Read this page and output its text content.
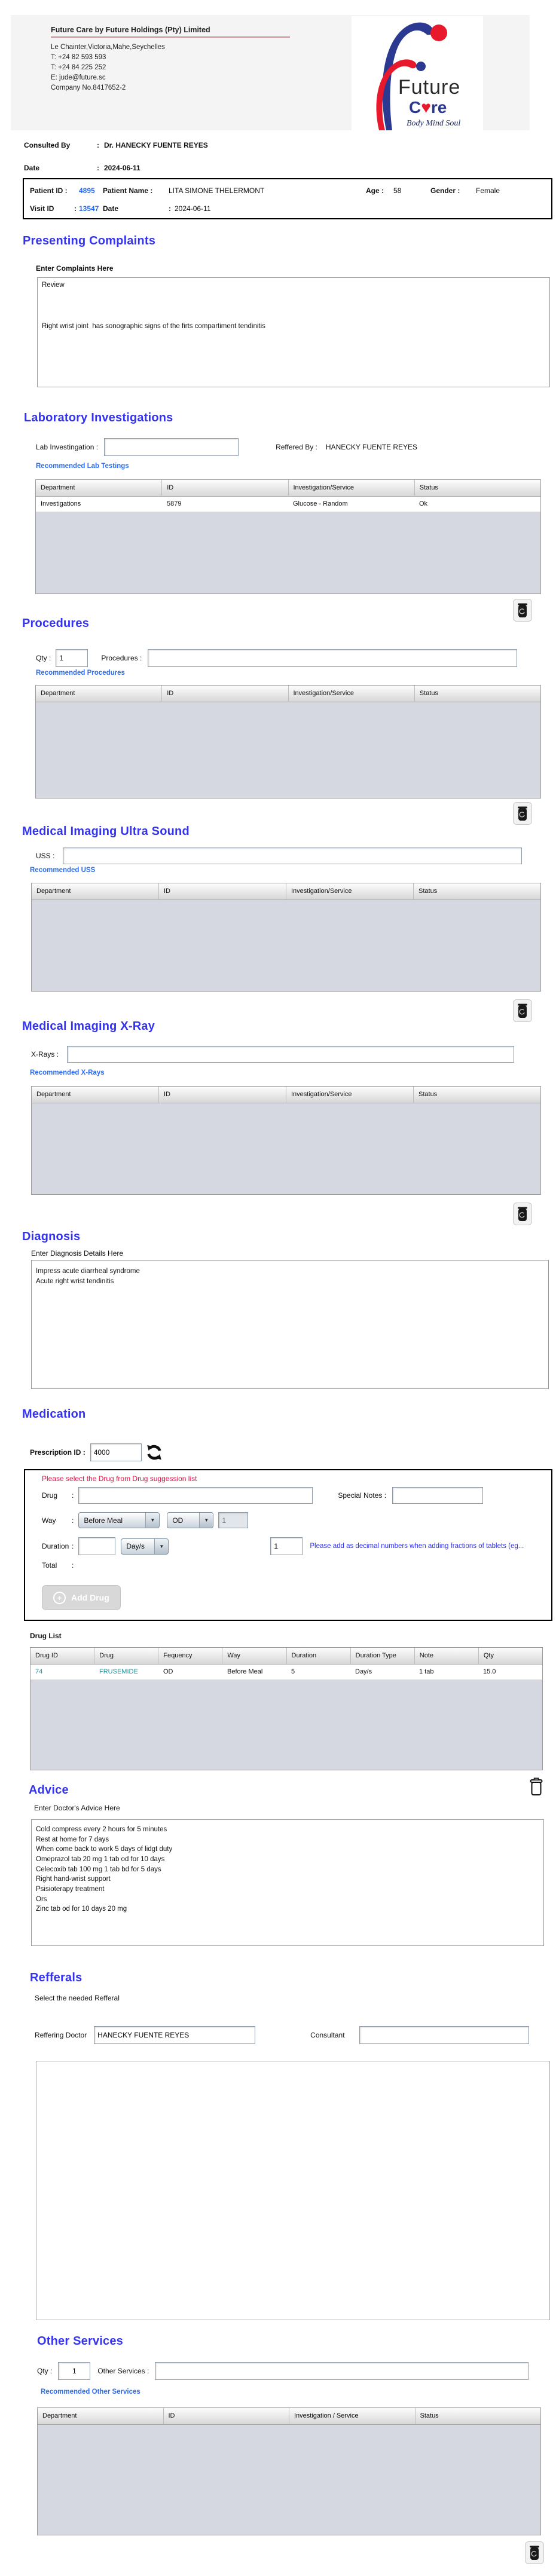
Future Care by Future Holdings (Pty) Limited
Le Chainter,Victoria,Mahe,Seychelles
T: +24 82 593 593
T: +24 84 225 252
E: jude@future.sc
Company No.8417652-2	Future
C♥re
Body Mind Soul
Consulted By	: Dr. HANECKY FUENTE REYES
Date	: 2024-06-11
Patient ID : 4895 Patient Name : LITA SIMONE THELERMONT	Age : 58	Gender : Female
Visit ID	: 13547 Date	: 2024-06-11
Presenting Complaints
Enter Complaints Here
Review Right wrist joint has sonographic signs of the firts compartiment tendinitis
Laboratory Investigations
Lab Investingation :	Reffered By : HANECKY FUENTE REYES
Recommended Lab Testings
Department	ID	Investigation/Service	Status
Investigations	5879	Glucose - Random	Ok
Procedures
Qty :
1	Procedures :
Recommended Procedures
Department	ID	Investigation/Service	Status
Medical Imaging Ultra Sound
USS :
Recommended USS
Department	ID	Investigation/Service	Status
Medical Imaging X-Ray
X-Rays :
Recommended X-Rays
Department	ID	Investigation/Service	Status
Diagnosis
Enter Diagnosis Details Here
Impress acute diarrheal syndrome Acute right wrist tendinitis
Medication
Prescription ID :
4000
Please select the Drug from Drug suggession list
Drug	:	Special Notes :
Way	: Before Meal	▼ OD	▼
1
Duration :	Day/s	▼
1	Please add as decimal numbers when adding fractions of tablets (eg...
Total	:
+	Add Drug
Drug List
Drug ID	Drug	Fequency	Way	Duration	Duration Type	Note	Qty
74	FRUSEMIDE	OD	Before Meal	5	Day/s	1 tab	15.0
Advice
Enter Doctor's Advice Here
Cold compress every 2 hours for 5 minutes Rest at home for 7 days When come back to work 5 days of lidgt duty Omeprazol tab 20 mg 1 tab od for 10 days Celecoxib tab 100 mg 1 tab bd for 5 days Right hand-wrist support Psisioterapy treatment Ors Zinc tab od for 10 days 20 mg
Refferals
Select the needed Refferal
Reffering Doctor
HANECKY FUENTE REYES	Consultant
Other Services
Qty :
1	Other Services :
Recommended Other Services
Department	ID	Investigation / Service	Status
